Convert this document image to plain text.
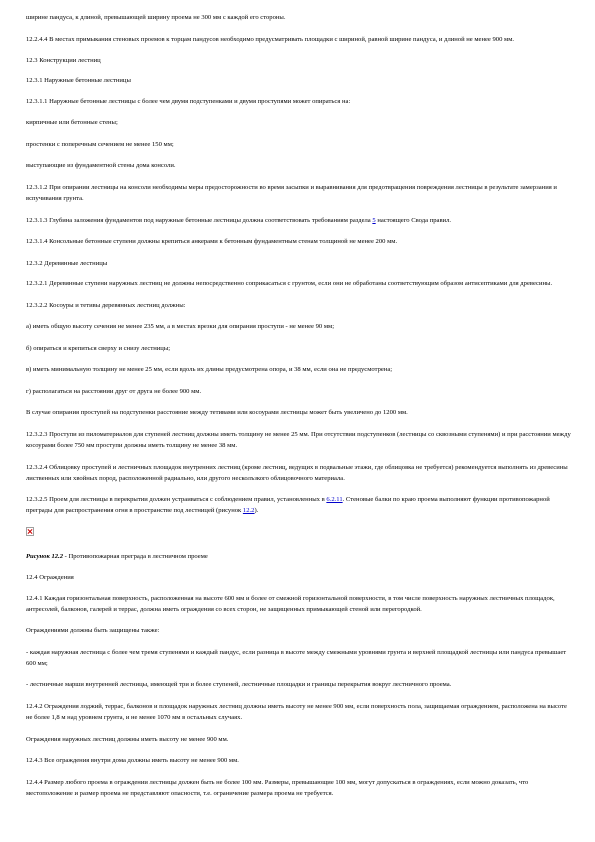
ширине пандуса, к длиной, превышающей ширину проема не 300 мм с каждой его стороны.

12.2.4.4 В местах примыкания стеновых проемов к торцам пандусов необходимо предусматривать площадки с шириной, равной ширине пандуса, и длиной не менее 900 мм.

12.3 Конструкции лестниц

12.3.1 Наружные бетонные лестницы

12.3.1.1 Наружные бетонные лестницы с более чем двумя подступенками и двумя проступями может опираться на:

кирпичные или бетонные стены;

простенки с поперечным сечением не менее 150 мм;

выступающие из фундаментной стены дома консоли.

12.3.1.2 При опирании лестницы на консоли необходимы меры предосторожности во время засыпки и выравнивания для предотвращения повреждения лестницы в результате замерзания и вспучивания грунта.

12.3.1.3 Глубина заложения фундаментов под наружные бетонные лестницы должна соответствовать требованиям раздела 5 настоящего Свода правил.

12.3.1.4 Консольные бетонные ступени должны крепиться анкерами к бетонным фундаментным стенам толщиной не менее 200 мм.

12.3.2 Деревянные лестницы

12.3.2.1 Деревянные ступени наружных лестниц не должны непосредственно соприкасаться с грунтом, если они не обработаны соответствующим образом антисептиками для древесины.

12.3.2.2 Косоуры и тетивы деревянных лестниц должны:

а) иметь общую высоту сечения не менее 235 мм, а в местах врезки для опирания проступи - не менее 90 мм;

б) опираться и крепиться сверху и снизу лестницы;

в) иметь минимальную толщину не менее 25 мм, если вдоль их длины предусмотрена опора, и 38 мм, если она не предусмотрена;

г) располагаться на расстоянии друг от друга не более 900 мм.

В случае опирания проступей на подступенки расстояние между тетивами или косоурами лестницы может быть увеличено до 1200 мм.

12.3.2.3 Проступи из пиломатериалов для ступеней лестниц должны иметь толщину не менее 25 мм. При отсутствии подступенков (лестницы со сквозными ступенями) и при расстоянии между косоурами более 750 мм проступи должны иметь толщину не менее 38 мм.

12.3.2.4 Облицовку проступей и лестничных площадок внутренних лестниц (кроме лестниц, ведущих в подвальные этажи, где облицовка не требуется) рекомендуется выполнять из древесины лиственных или хвойных пород, расположенной радиально, или другого несколъзкого облицовочного материала.

12.3.2.5 Проем для лестницы в перекрытии должен устраиваться с соблюдением правил, установленных в 6.2.11. Стеновые балки по краю проема выполняют функции противопожарной преграды для распространения огня в пространстве под лестницей (рисунок 12.2).

Рисунок 12.2 - Противопожарная преграда в лестничном проеме

12.4 Ограждения

12.4.1 Каждая горизонтальная поверхность, расположенная на высоте 600 мм и более от смежной горизонтальной поверхности, в том числе поверхность наружных лестничных площадок, антресолей, балконов, галерей и террас, должна иметь ограждения со всех сторон, не защищенных примыкающей стеной или перегородкой.

Ограждениями должны быть защищены также:

- каждая наружная лестница с более чем тремя ступенями и каждый пандус, если разница в высоте между смежными уровнями грунта и верхней площадкой лестницы или пандуса превышает 600 мм;

- лестничные марши внутренней лестницы, имеющей три и более ступеней, лестничные площадки и границы перекрытия вокруг лестничного проема.

12.4.2 Ограждения лоджий, террас, балконов и площадок наружных лестниц должны иметь высоту не менее 900 мм, если поверхность пола, защищаемая ограждением, расположена на высоте не более 1,8 м над уровнем грунта, и не менее 1070 мм в остальных случаях.

Ограждения наружных лестниц должны иметь высоту не менее 900 мм.

12.4.3 Все ограждения внутри дома должны иметь высоту не менее 900 мм.

12.4.4 Размер любого проема в ограждении лестницы должен быть не более 100 мм. Размеры, превышающие 100 мм, могут допускаться в ограждениях, если можно доказать, что местоположение и размер проема не представляют опасности, т.е. ограничение размера проема не требуется.
